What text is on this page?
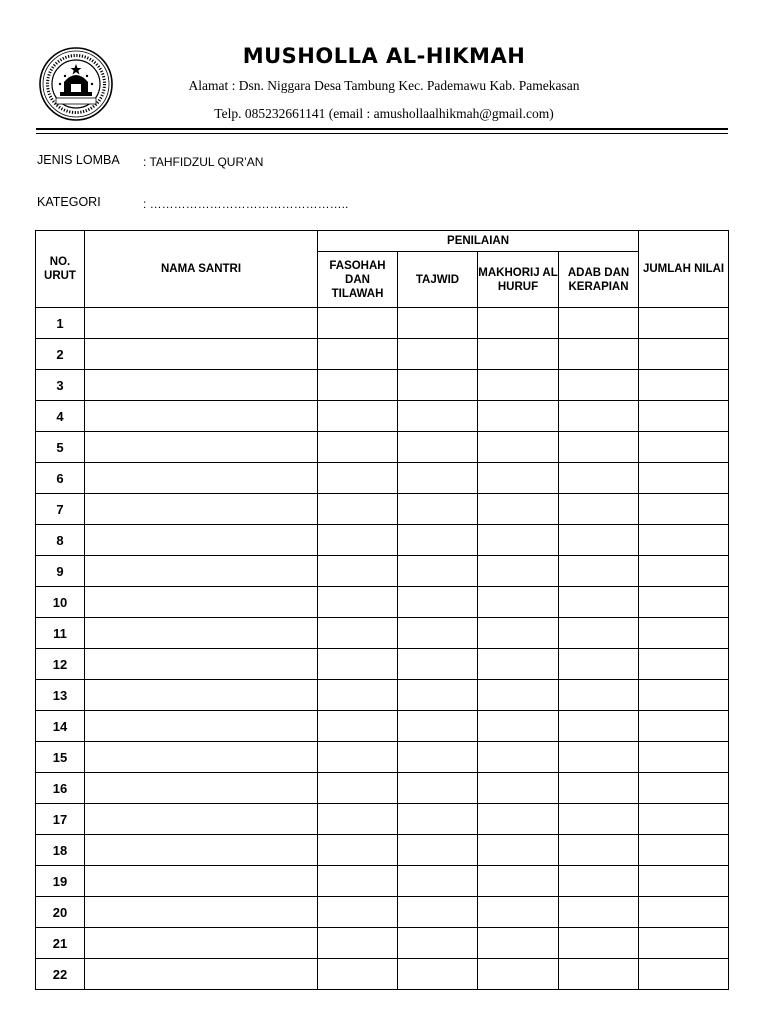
MUSHOLLA AL-HIKMAH
Alamat : Dsn. Niggara Desa Tambung Kec. Pademawu Kab. Pamekasan
Telp. 085232661141 (email : amushollaalhikmah@gmail.com)
JENIS LOMBA : TAHFIDZUL QUR’AN
KATEGORI	: …………………………………………..
NO. URUT	NAMA SANTRI	PENILAIAN				JUMLAH NILAI
		FASOHAH DAN TILAWAH	TAJWID	MAKHORIJ AL HURUF	ADAB DAN KERAPIAN	
1						
2						
3						
4						
5						
6						
7						
8						
9						
10						
11						
12						
13						
14						
15						
16						
17						
18						
19						
20						
21						
22						
